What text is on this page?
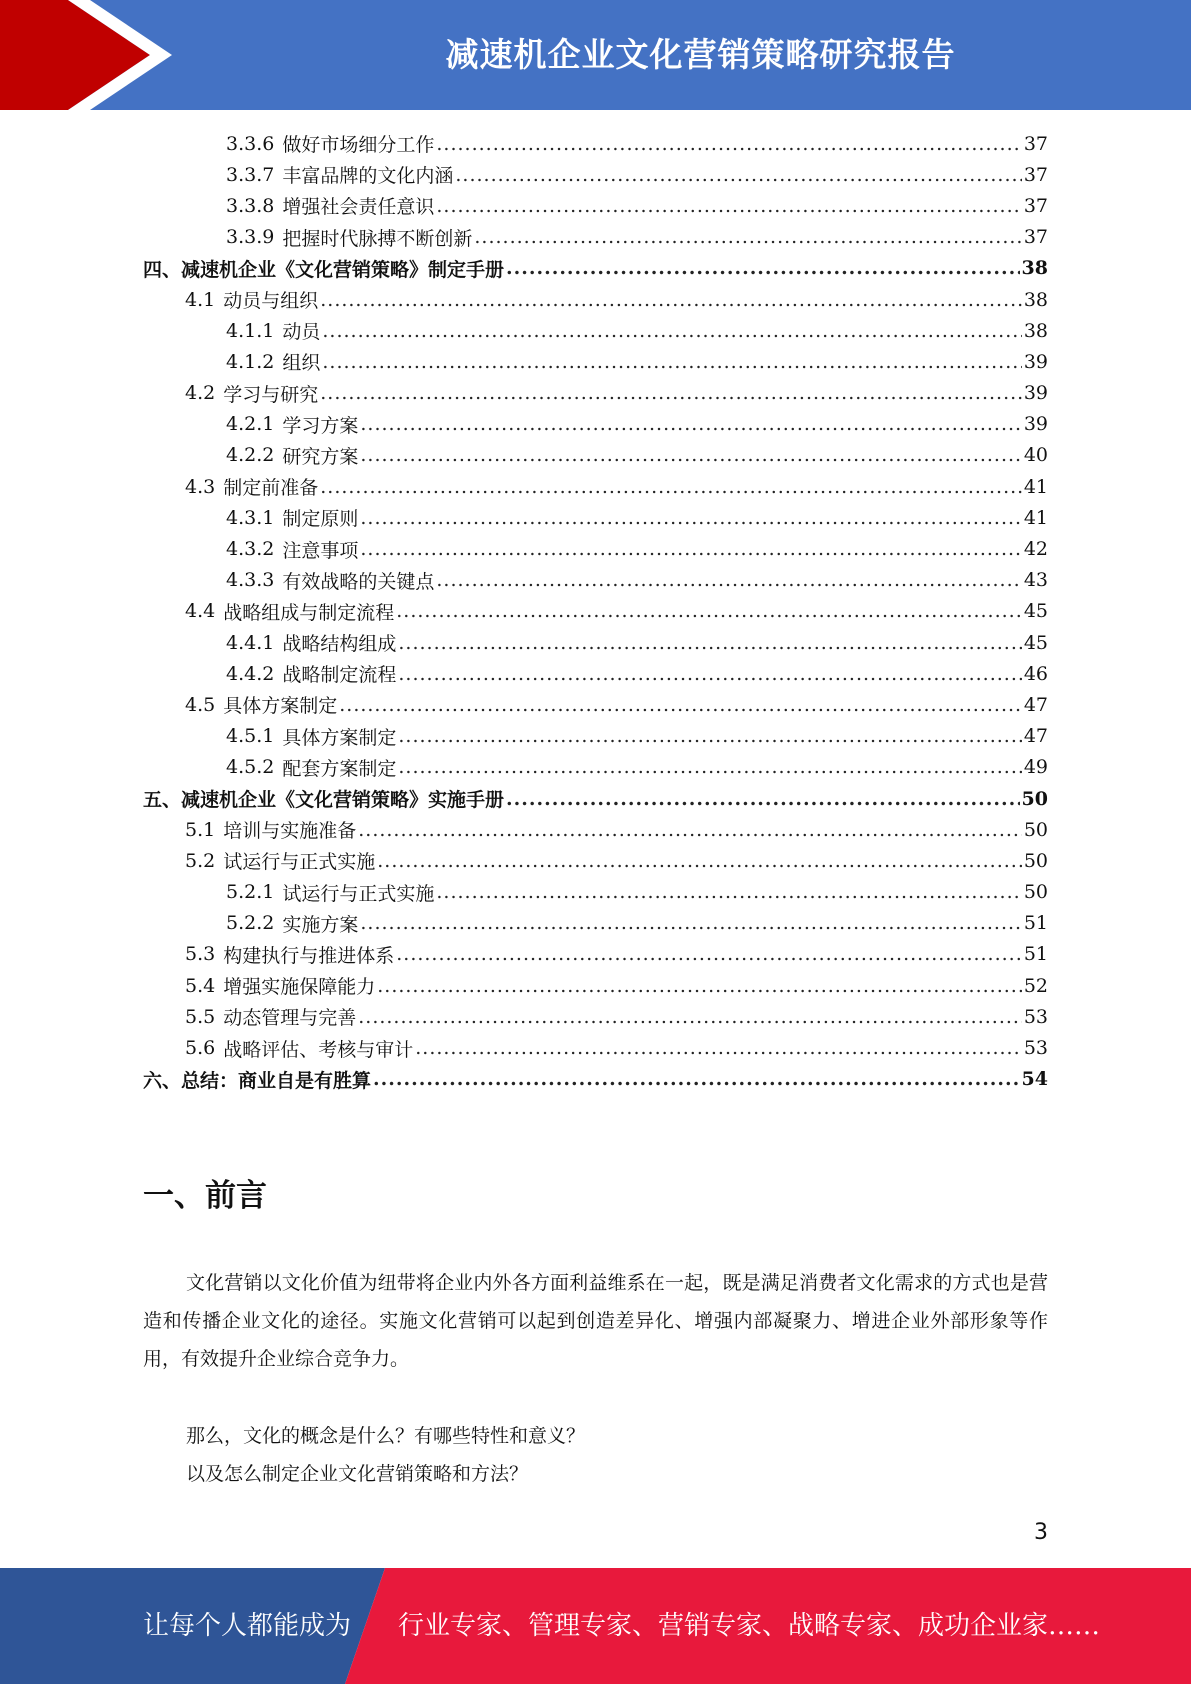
减速机企业文化营销策略研究报告
3.3.6 做好市场细分工作 .....	37
3.3.7 丰富品牌的文化内涵 .....	37
3.3.8 增强社会责任意识 .....	37
3.3.9 把握时代脉搏不断创新 .....	37
四、减速机企业《文化营销策略》制定手册 .....	38
4.1 动员与组织 .....	38
4.1.1 动员 .....	38
4.1.2 组织 .....	39
4.2 学习与研究 .....	39
4.2.1 学习方案 .....	39
4.2.2 研究方案 .....	40
4.3 制定前准备 .....	41
4.3.1 制定原则 .....	41
4.3.2 注意事项 .....	42
4.3.3 有效战略的关键点 .....	43
4.4 战略组成与制定流程 .....	45
4.4.1 战略结构组成 .....	45
4.4.2 战略制定流程 .....	46
4.5 具体方案制定 .....	47
4.5.1 具体方案制定 .....	47
4.5.2 配套方案制定 .....	49
五、减速机企业《文化营销策略》实施手册 .....	50
5.1 培训与实施准备 .....	50
5.2 试运行与正式实施 .....	50
5.2.1 试运行与正式实施 .....	50
5.2.2 实施方案 .....	51
5.3 构建执行与推进体系 .....	51
5.4 增强实施保障能力 .....	52
5.5 动态管理与完善 .....	53
5.6 战略评估、考核与审计 .....	53
六、总结：商业自是有胜算 .....	54
一、前言

文化营销以文化价值为纽带将企业内外各方面利益维系在一起，既是满足消费者文化需求的方式也是营造和传播企业文化的途径。实施文化营销可以起到创造差异化、增强内部凝聚力、增进企业外部形象等作用，有效提升企业综合竞争力。

那么，文化的概念是什么？有哪些特性和意义？

以及怎么制定企业文化营销策略和方法？

3
让每个人都能成为 行业专家、管理专家、营销专家、战略专家、成功企业家……
